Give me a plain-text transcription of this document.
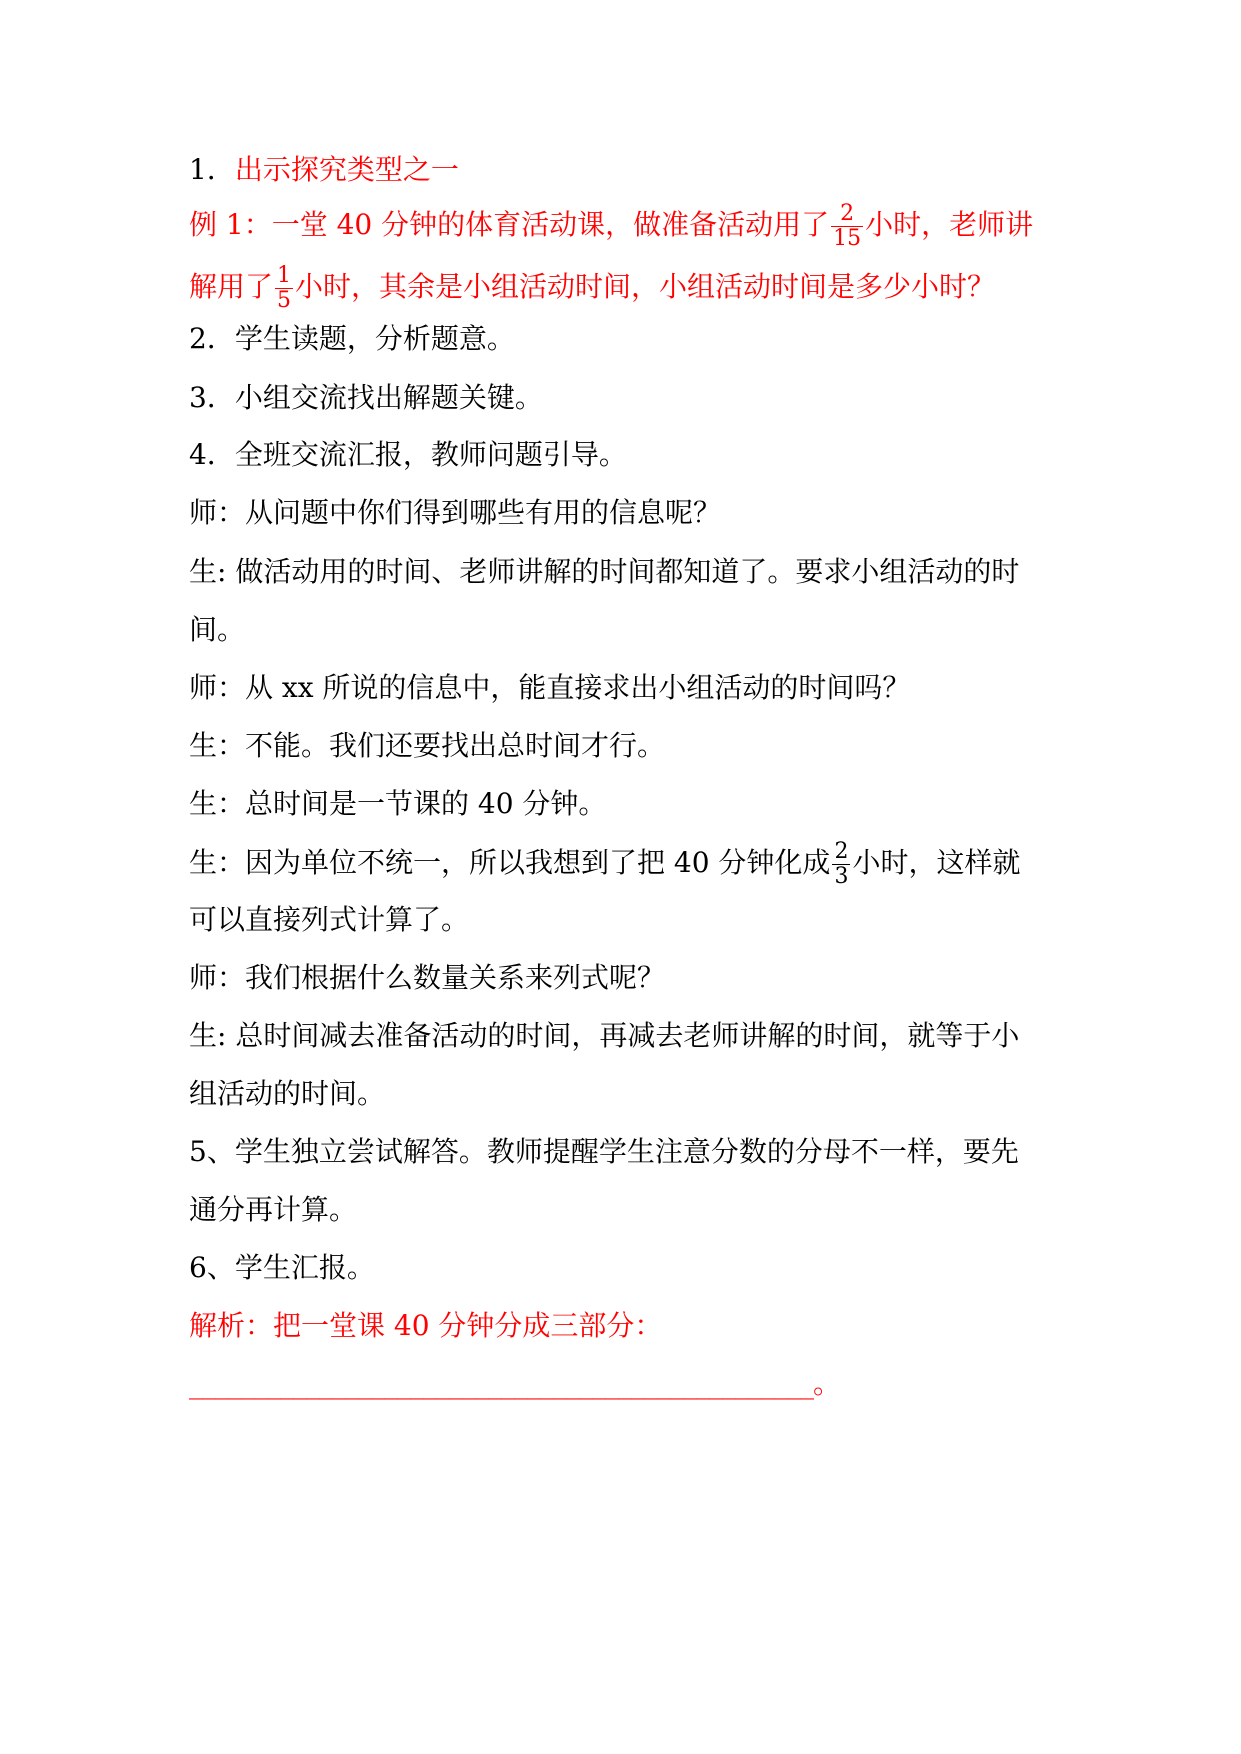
1．出示探究类型之一
例 1：一堂 40 分钟的体育活动课，做准备活动用了 $\frac{2}{15}$ 小时，老师讲
解用了 $\frac{1}{5}$ 小时，其余是小组活动时间，小组活动时间是多少小时？
2．学生读题，分析题意。
3．小组交流找出解题关键。
4．全班交流汇报，教师问题引导。
师：从问题中你们得到哪些有用的信息呢？
生: 做活动用的时间、老师讲解的时间都知道了。要求小组活动的时
间。
师：从 xx 所说的信息中，能直接求出小组活动的时间吗？
生：不能。我们还要找出总时间才行。
生：总时间是一节课的 40 分钟。
生：因为单位不统一，所以我想到了把 40 分钟化成 $\frac{2}{3}$ 小时，这样就
可以直接列式计算了。
师：我们根据什么数量关系来列式呢？
生: 总时间减去准备活动的时间，再减去老师讲解的时间，就等于小
组活动的时间。
5、学生独立尝试解答。教师提醒学生注意分数的分母不一样，要先
通分再计算。
6、学生汇报。
解析：把一堂课 40 分钟分成三部分：
________________________________________________。
